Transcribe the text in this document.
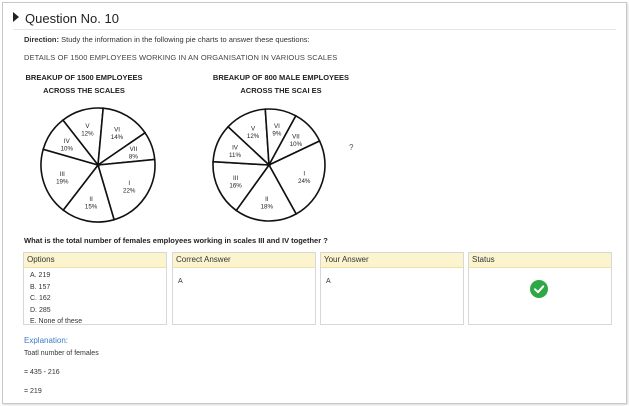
Question No. 10
Direction: Study the information in the following pie charts to answer these questions:
DETAILS OF 1500 EMPLOYEES WORKING IN AN ORGANISATION IN VARIOUS SCALES
BREAKUP OF 1500 EMPLOYEES
ACROSS THE SCALES
BREAKUP OF 800 MALE EMPLOYEES
ACROSS THE SCAI ES
V
12%
VI
14%
VII
8%
I
22%
II
15%
III
19%
IV
10%
V
12%
VI
9% VII
10%
I
24%
II
18%
III
16%
IV
11%
?
What is the total number of females employees working in scales III and IV together ?
Options
A. 219
B. 157
C. 162
D. 285
E. None of these
Correct Answer
A
Your Answer
A
Status
Explanation:
Toatl number of females
= 435 - 216
= 219
